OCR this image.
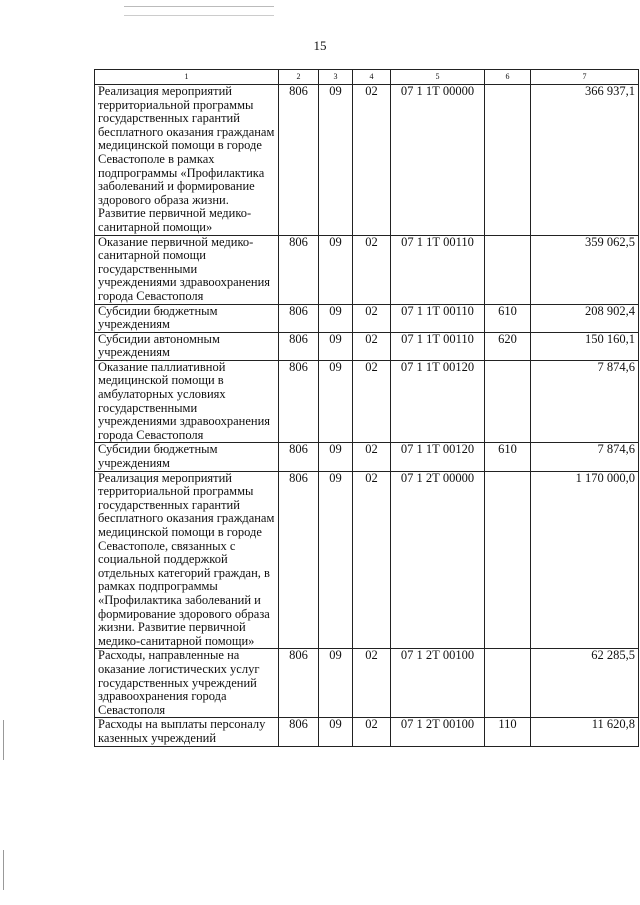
15
1	2	3	4	5	6	7
Реализация мероприятий территориальной программы государственных гарантий бесплатного оказания гражданам медицинской помощи в городе Севастополе в рамках подпрограммы «Профилактика заболеваний и формирование здорового образа жизни. Развитие первичной медико-санитарной помощи»	806	09	02	07 1 1Т 00000		366 937,1
Оказание первичной медико-санитарной помощи государственными учреждениями здравоохранения города Севастополя	806	09	02	07 1 1Т 00110		359 062,5
Субсидии бюджетным учреждениям	806	09	02	07 1 1Т 00110	610	208 902,4
Субсидии автономным учреждениям	806	09	02	07 1 1Т 00110	620	150 160,1
Оказание паллиативной медицинской помощи в амбулаторных условиях государственными учреждениями здравоохранения города Севастополя	806	09	02	07 1 1Т 00120		7 874,6
Субсидии бюджетным учреждениям	806	09	02	07 1 1Т 00120	610	7 874,6
Реализация мероприятий территориальной программы государственных гарантий бесплатного оказания гражданам медицинской помощи в городе Севастополе, связанных с социальной поддержкой отдельных категорий граждан, в рамках подпрограммы «Профилактика заболеваний и формирование здорового образа жизни. Развитие первичной медико-санитарной помощи»	806	09	02	07 1 2Т 00000		1 170 000,0
Расходы, направленные на оказание логистических услуг государственных учреждений здравоохранения города Севастополя	806	09	02	07 1 2Т 00100		62 285,5
Расходы на выплаты персоналу казенных учреждений	806	09	02	07 1 2Т 00100	110	11 620,8
